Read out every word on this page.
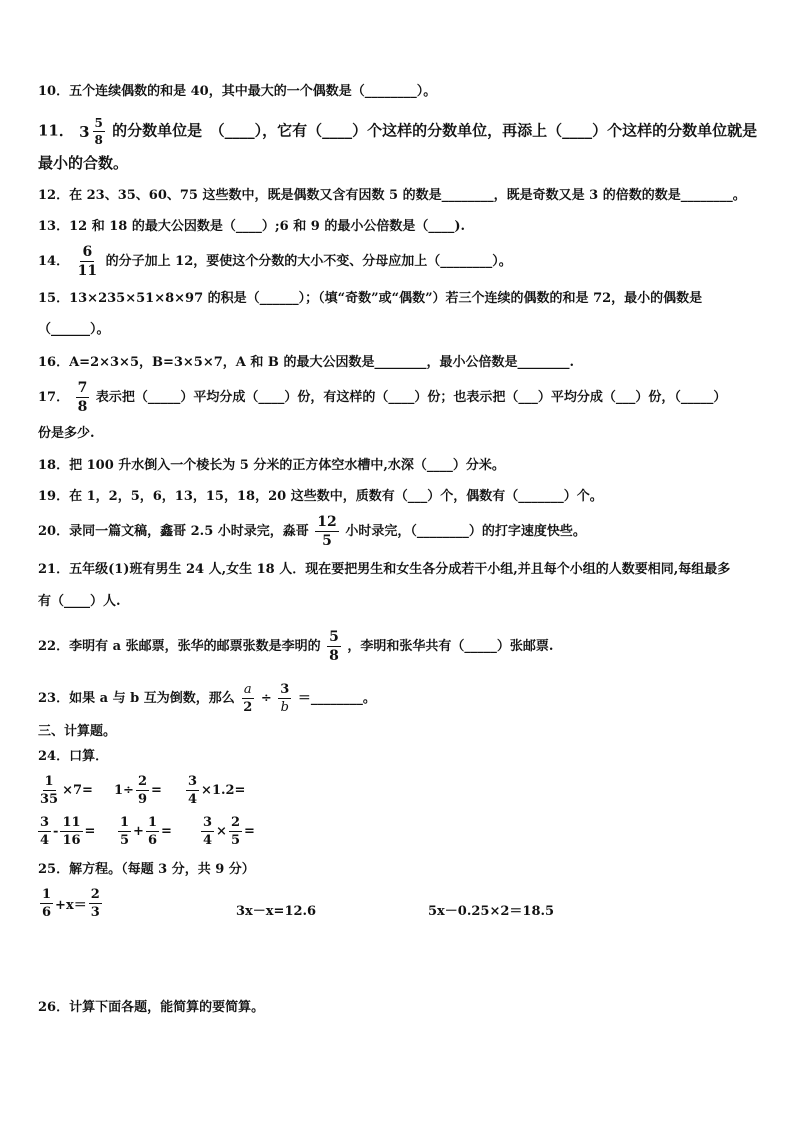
10．五个连续偶数的和是 40，其中最大的一个偶数是（________）。
11． $3 \frac{5}{8}$ 的分数单位是　（____），它有（____）个这样的分数单位，再添上（____）个这样的分数单位就是
最小的合数。
12．在 23、35、60、75 这些数中，既是偶数又含有因数 5 的数是________，既是奇数又是 3 的倍数的数是________。
13．12 和 18 的最大公因数是（____）;6 和 9 的最小公倍数是（____).
14． $\frac{6}{11}$ 的分子加上 12，要使这个分数的大小不变、分母应加上（________）。
15．13×235×51×8×97 的积是（______）；（填“奇数”或“偶数”）若三个连续的偶数的和是 72，最小的偶数是
（______）。
16．A=2×3×5，B=3×5×7，A 和 B 的最大公因数是________，最小公倍数是________.
17． $\frac{7}{8}$ 表示把（_____）平均分成（____）份，有这样的（____）份；也表示把（___）平均分成（___）份，（_____）
份是多少.
18．把 100 升水倒入一个棱长为 5 分米的正方体空水槽中,水深（____）分米。
19．在 1，2，5，6，13，15，18，20 这些数中，质数有（___）个，偶数有（_______）个。
20．录同一篇文稿，鑫哥 2.5 小时录完，淼哥 $\frac{12}{5}$ 小时录完，（________）的打字速度快些。
21．五年级(1)班有男生 24 人,女生 18 人．现在要把男生和女生各分成若干小组,并且每个小组的人数要相同,每组最多
有（____）人.
22．李明有 a 张邮票，张华的邮票张数是李明的 $\frac{5}{8}$ ，李明和张华共有（_____）张邮票.
23．如果 a 与 b 互为倒数，那么 $\frac{a}{2} \div \frac{3}{b}$ ＝________。
三、计算题。
24．口算．
$\frac{1}{35} \times 7= 1\div \frac{2}{9} = \frac{3}{4} \times 1.2=$
$\frac{3}{4} - \frac{11}{16} = \frac{1}{5} + \frac{1}{6} = \frac{3}{4} \times \frac{2}{5}$ =
25．解方程。（每题 3 分，共 9 分）
$\frac{1}{6} +x= \frac{2}{3}$	3x－x=12.6	5x－0.25×2＝18.5
26．计算下面各题，能简算的要简算。
